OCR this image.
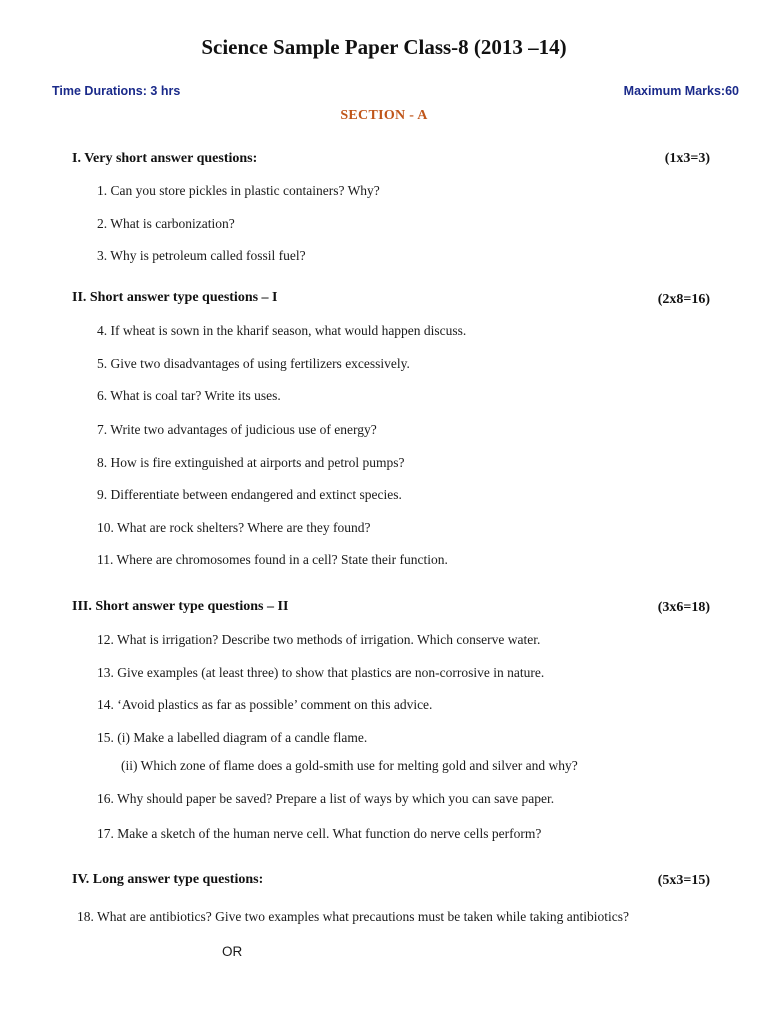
Science Sample Paper Class-8 (2013 –14)
Time Durations: 3 hrs	Maximum Marks:60
SECTION - A
I. Very short answer questions:	(1x3=3)
1. Can you store pickles in plastic containers? Why?
2. What is carbonization?
3. Why is petroleum called fossil fuel?
II. Short answer type questions – I	(2x8=16)
4. If wheat is sown in the kharif season, what would happen discuss.
5. Give two disadvantages of using fertilizers excessively.
6. What is coal tar? Write its uses.
7. Write two advantages of judicious use of energy?
8. How is fire extinguished at airports and petrol pumps?
9. Differentiate between endangered and extinct species.
10. What are rock shelters? Where are they found?
11. Where are chromosomes found in a cell? State their function.
III. Short answer type questions – II	(3x6=18)
12. What is irrigation? Describe two methods of irrigation. Which conserve water.
13. Give examples (at least three) to show that plastics are non-corrosive in nature.
14. ‘Avoid plastics as far as possible’ comment on this advice.
15. (i) Make a labelled diagram of a candle flame.
(ii) Which zone of flame does a gold-smith use for melting gold and silver and why?
16. Why should paper be saved? Prepare a list of ways by which you can save paper.
17. Make a sketch of the human nerve cell. What function do nerve cells perform?
IV. Long answer type questions:	(5x3=15)
18. What are antibiotics? Give two examples what precautions must be taken while taking antibiotics?
OR
